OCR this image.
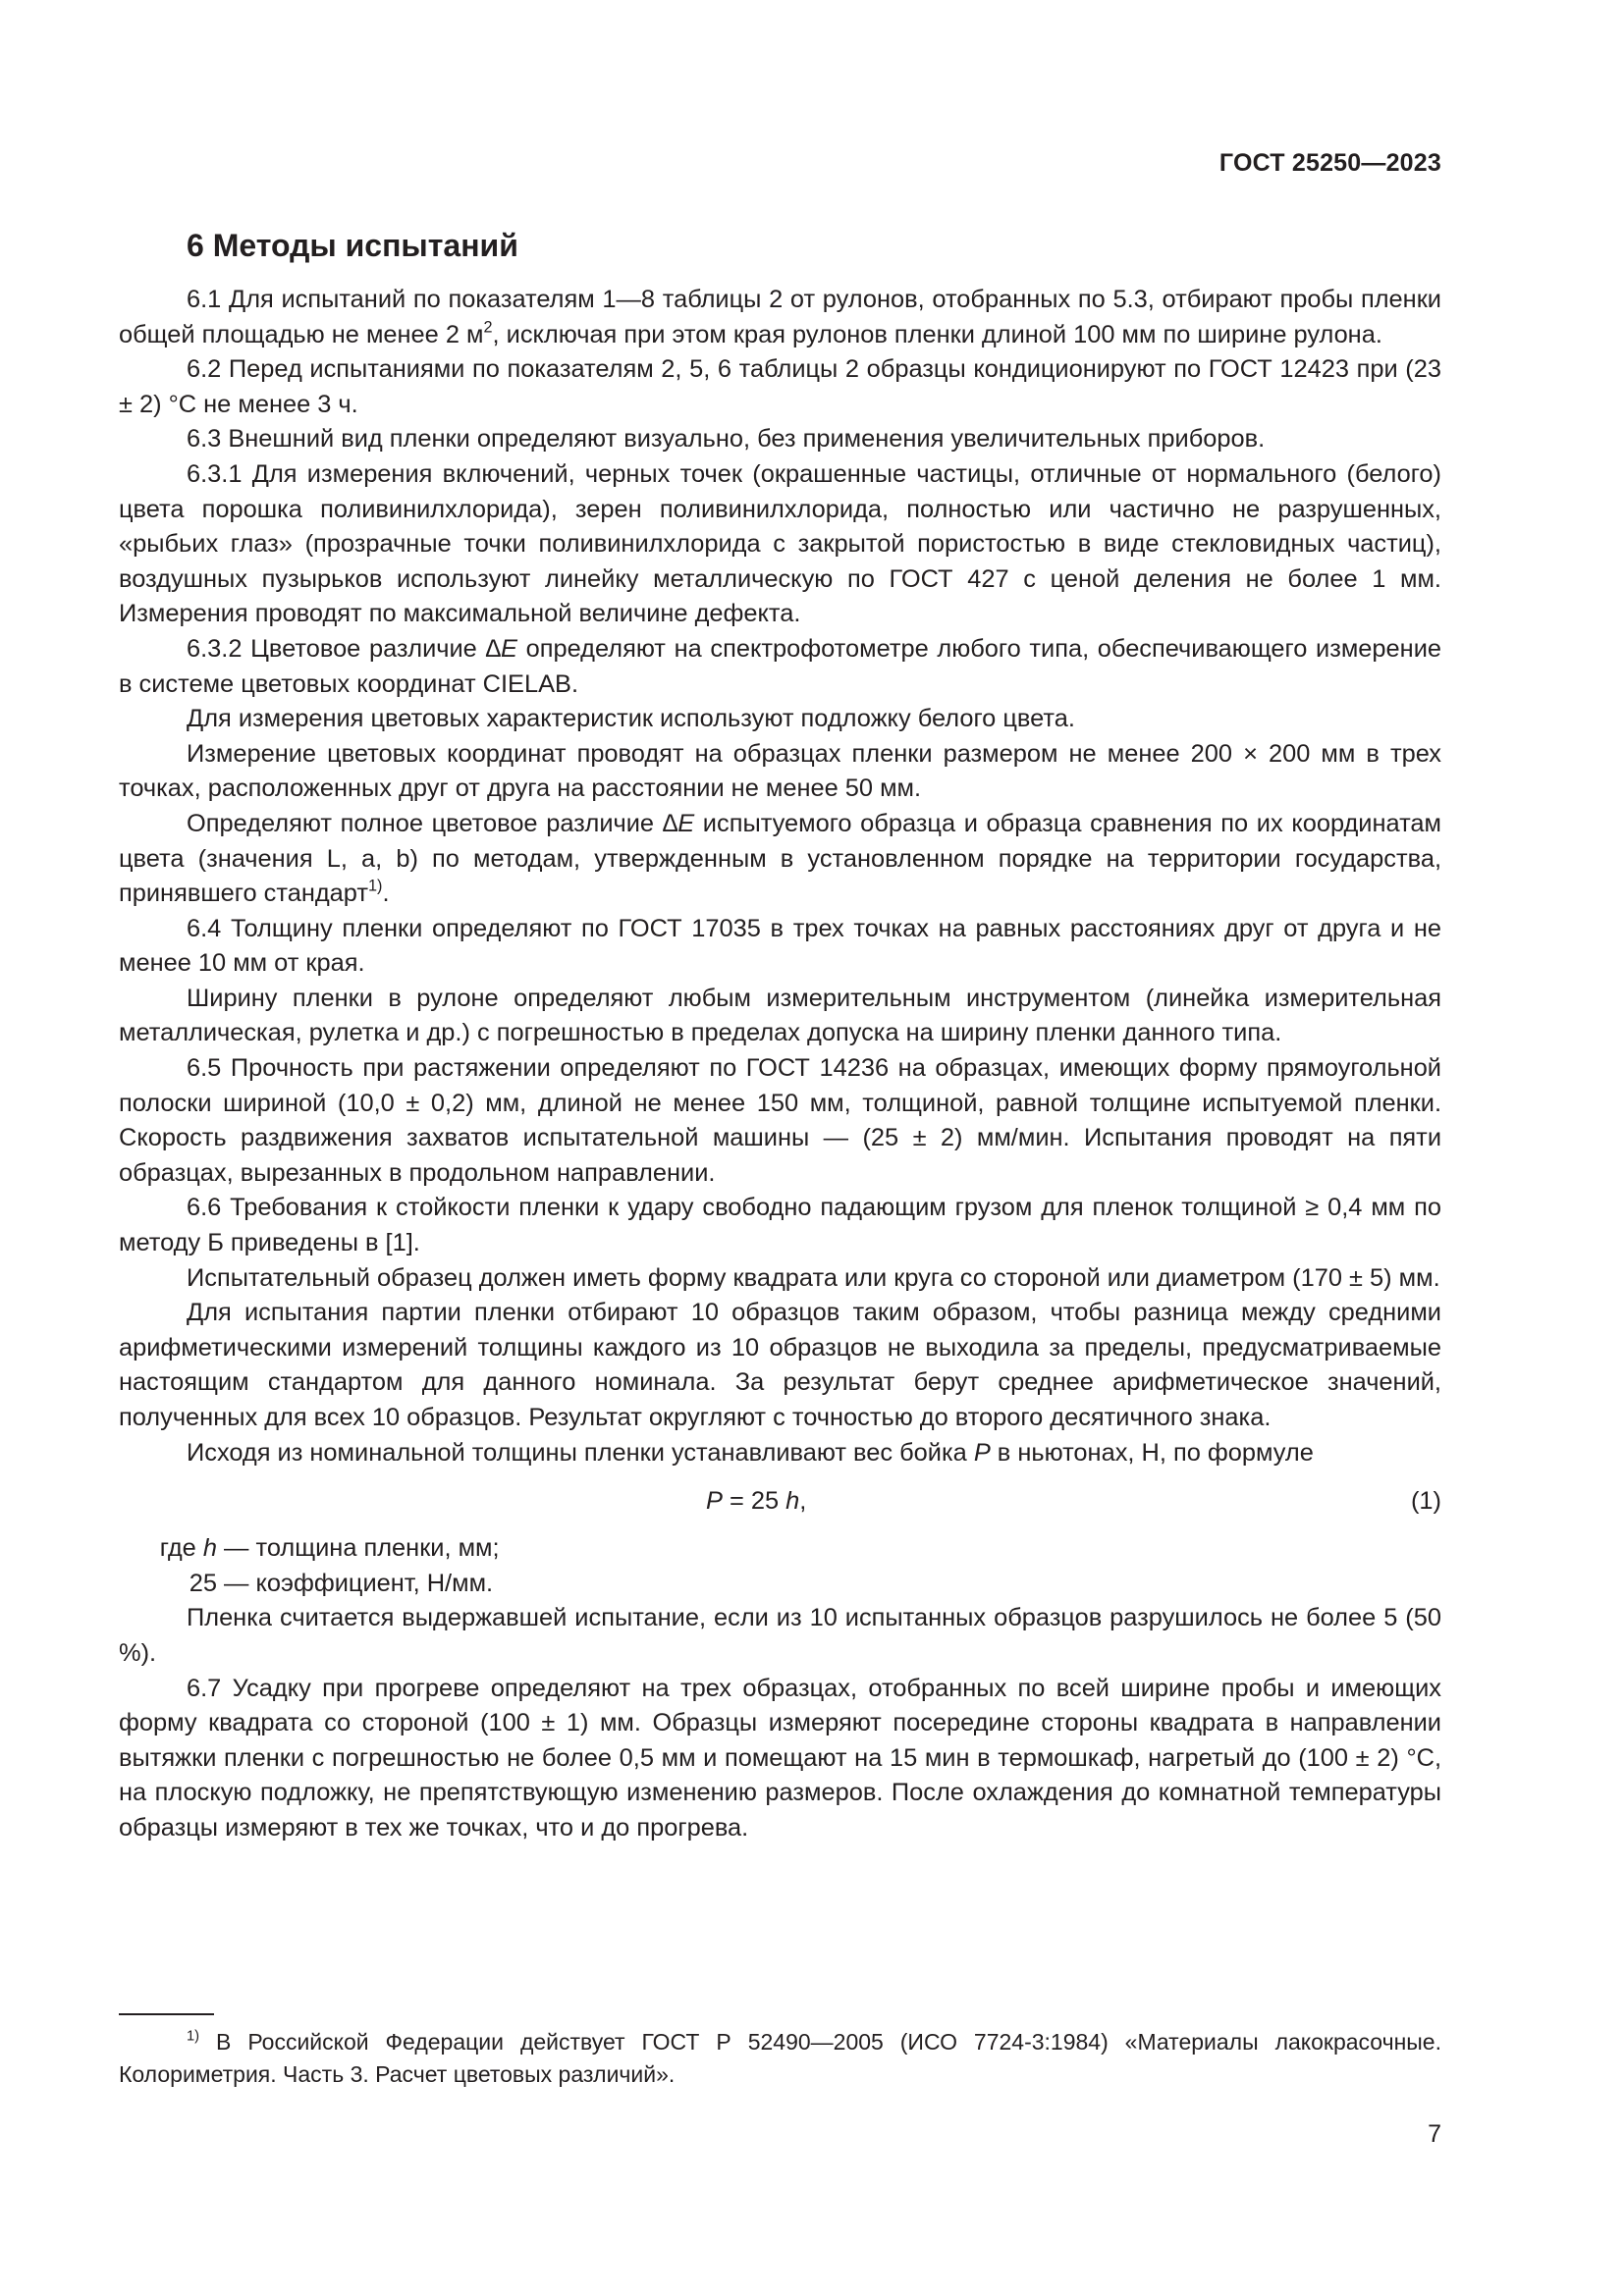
ГОСТ 25250—2023
6 Методы испытаний

6.1 Для испытаний по показателям 1—8 таблицы 2 от рулонов, отобранных по 5.3, отбирают пробы пленки общей площадью не менее 2 $м^2$, исключая при этом края рулонов пленки длиной 100 мм по ширине рулона.

6.2 Перед испытаниями по показателям 2, 5, 6 таблицы 2 образцы кондиционируют по ГОСТ 12423 при (23 ± 2) °С не менее 3 ч.

6.3 Внешний вид пленки определяют визуально, без применения увеличительных приборов.

6.3.1 Для измерения включений, черных точек (окрашенные частицы, отличные от нормального (белого) цвета порошка поливинилхлорида), зерен поливинилхлорида, полностью или частично не разрушенных, «рыбьих глаз» (прозрачные точки поливинилхлорида с закрытой пористостью в виде стекловидных частиц), воздушных пузырьков используют линейку металлическую по ГОСТ 427 с ценой деления не более 1 мм. Измерения проводят по максимальной величине дефекта.

6.3.2 Цветовое различие ∆E определяют на спектрофотометре любого типа, обеспечивающего измерение в системе цветовых координат CIELAB.

Для измерения цветовых характеристик используют подложку белого цвета.

Измерение цветовых координат проводят на образцах пленки размером не менее 200 × 200 мм в трех точках, расположенных друг от друга на расстоянии не менее 50 мм.

Определяют полное цветовое различие ∆E испытуемого образца и образца сравнения по их координатам цвета (значения L, a, b) по методам, утвержденным в установленном порядке на территории государства, принявшего стандарт$^{1)}$.

6.4 Толщину пленки определяют по ГОСТ 17035 в трех точках на равных расстояниях друг от друга и не менее 10 мм от края.

Ширину пленки в рулоне определяют любым измерительным инструментом (линейка измерительная металлическая, рулетка и др.) с погрешностью в пределах допуска на ширину пленки данного типа.

6.5 Прочность при растяжении определяют по ГОСТ 14236 на образцах, имеющих форму прямоугольной полоски шириной (10,0 ± 0,2) мм, длиной не менее 150 мм, толщиной, равной толщине испытуемой пленки. Скорость раздвижения захватов испытательной машины — (25 ± 2) мм/мин. Испытания проводят на пяти образцах, вырезанных в продольном направлении.

6.6 Требования к стойкости пленки к удару свободно падающим грузом для пленок толщиной ≥ 0,4 мм по методу Б приведены в [1].

Испытательный образец должен иметь форму квадрата или круга со стороной или диаметром (170 ± 5) мм.

Для испытания партии пленки отбирают 10 образцов таким образом, чтобы разница между средними арифметическими измерений толщины каждого из 10 образцов не выходила за пределы, предусматриваемые настоящим стандартом для данного номинала. За результат берут среднее арифметическое значений, полученных для всех 10 образцов. Результат округляют с точностью до второго десятичного знака.

Исходя из номинальной толщины пленки устанавливают вес бойка P в ньютонах, Н, по формуле

P = 25 h,	(1)

где h — толщина пленки, мм;

25 — коэффициент, Н/мм.

Пленка считается выдержавшей испытание, если из 10 испытанных образцов разрушилось не более 5 (50 %).

6.7 Усадку при прогреве определяют на трех образцах, отобранных по всей ширине пробы и имеющих форму квадрата со стороной (100 ± 1) мм. Образцы измеряют посередине стороны квадрата в направлении вытяжки пленки с погрешностью не более 0,5 мм и помещают на 15 мин в термошкаф, нагретый до (100 ± 2) °С, на плоскую подложку, не препятствующую изменению размеров. После охлаждения до комнатной температуры образцы измеряют в тех же точках, что и до прогрева.

$^{1)}$ В Российской Федерации действует ГОСТ Р 52490—2005 (ИСО 7724-3:1984) «Материалы лакокрасочные. Колориметрия. Часть 3. Расчет цветовых различий».

7
